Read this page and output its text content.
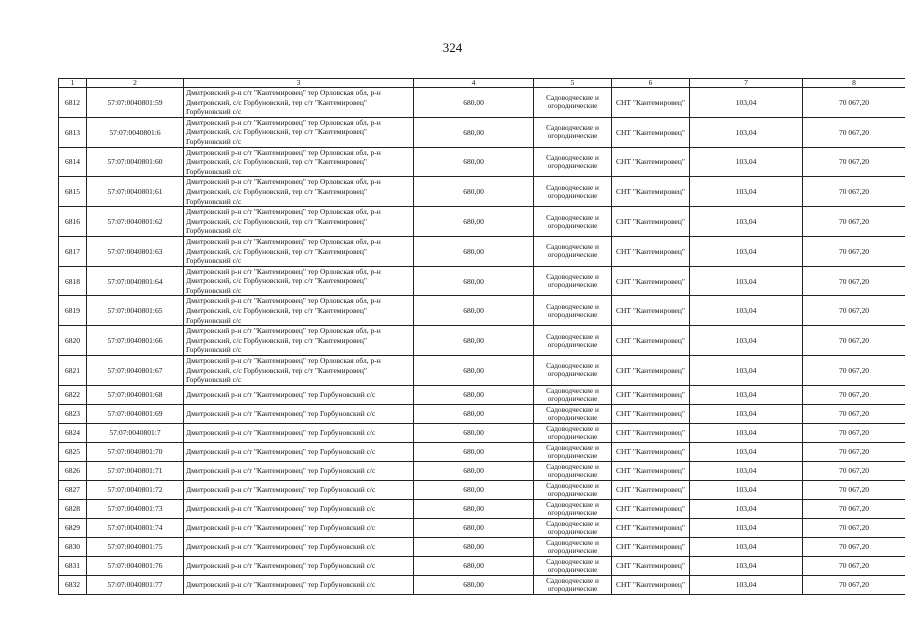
324
1	2	3	4	5	6	7	8
6812	57:07:0040801:59	Дмитровский р-н с/т "Кантемировец" тер Орловская обл, р-н Дмитровский, с/с Горбуновский, тер с/т "Кантемировец" Горбуновский с/с	680,00	Садоводческие и огороднические	СНТ "Кантемировец"	103,04	70 067,20
6813	57:07:0040801:6	Дмитровский р-н с/т "Кантемировец" тер Орловская обл, р-н Дмитровский, с/с Горбуновский, тер с/т "Кантемировец" Горбуновский с/с	680,00	Садоводческие и огороднические	СНТ "Кантемировец"	103,04	70 067,20
6814	57:07:0040801:60	Дмитровский р-н с/т "Кантемировец" тер Орловская обл, р-н Дмитровский, с/с Горбуновский, тер с/т "Кантемировец" Горбуновский с/с	680,00	Садоводческие и огороднические	СНТ "Кантемировец"	103,04	70 067,20
6815	57:07:0040801:61	Дмитровский р-н с/т "Кантемировец" тер Орловская обл, р-н Дмитровский, с/с Горбуновский, тер с/т "Кантемировец" Горбуновский с/с	680,00	Садоводческие и огороднические	СНТ "Кантемировец"	103,04	70 067,20
6816	57:07:0040801:62	Дмитровский р-н с/т "Кантемировец" тер Орловская обл, р-н Дмитровский, с/с Горбуновский, тер с/т "Кантемировец" Горбуновский с/с	680,00	Садоводческие и огороднические	СНТ "Кантемировец"	103,04	70 067,20
6817	57:07:0040801:63	Дмитровский р-н с/т "Кантемировец" тер Орловская обл, р-н Дмитровский, с/с Горбуновский, тер с/т "Кантемировец" Горбуновский с/с	680,00	Садоводческие и огороднические	СНТ "Кантемировец"	103,04	70 067,20
6818	57:07:0040801:64	Дмитровский р-н с/т "Кантемировец" тер Орловская обл, р-н Дмитровский, с/с Горбуновский, тер с/т "Кантемировец" Горбуновский с/с	680,00	Садоводческие и огороднические	СНТ "Кантемировец"	103,04	70 067,20
6819	57:07:0040801:65	Дмитровский р-н с/т "Кантемировец" тер Орловская обл, р-н Дмитровский, с/с Горбуновский, тер с/т "Кантемировец" Горбуновский с/с	680,00	Садоводческие и огороднические	СНТ "Кантемировец"	103,04	70 067,20
6820	57:07:0040801:66	Дмитровский р-н с/т "Кантемировец" тер Орловская обл, р-н Дмитровский, с/с Горбуновский, тер с/т "Кантемировец" Горбуновский с/с	680,00	Садоводческие и огороднические	СНТ "Кантемировец"	103,04	70 067,20
6821	57:07:0040801:67	Дмитровский р-н с/т "Кантемировец" тер Орловская обл, р-н Дмитровский, с/с Горбуновский, тер с/т "Кантемировец" Горбуновский с/с	680,00	Садоводческие и огороднические	СНТ "Кантемировец"	103,04	70 067,20
6822	57:07:0040801:68	Дмитровский р-н с/т "Кантемировец" тер Горбуновский с/с	680,00	Садоводческие и огороднические	СНТ "Кантемировец"	103,04	70 067,20
6823	57:07:0040801:69	Дмитровский р-н с/т "Кантемировец" тер Горбуновский с/с	680,00	Садоводческие и огороднические	СНТ "Кантемировец"	103,04	70 067,20
6824	57:07:0040801:7	Дмитровский р-н с/т "Кантемировец" тер Горбуновский с/с	680,00	Садоводческие и огороднические	СНТ "Кантемировец"	103,04	70 067,20
6825	57:07:0040801:70	Дмитровский р-н с/т "Кантемировец" тер Горбуновский с/с	680,00	Садоводческие и огороднические	СНТ "Кантемировец"	103,04	70 067,20
6826	57:07:0040801:71	Дмитровский р-н с/т "Кантемировец" тер Горбуновский с/с	680,00	Садоводческие и огороднические	СНТ "Кантемировец"	103,04	70 067,20
6827	57:07:0040801:72	Дмитровский р-н с/т "Кантемировец" тер Горбуновский с/с	680,00	Садоводческие и огороднические	СНТ "Кантемировец"	103,04	70 067,20
6828	57:07:0040801:73	Дмитровский р-н с/т "Кантемировец" тер Горбуновский с/с	680,00	Садоводческие и огороднические	СНТ "Кантемировец"	103,04	70 067,20
6829	57:07:0040801:74	Дмитровский р-н с/т "Кантемировец" тер Горбуновский с/с	680,00	Садоводческие и огороднические	СНТ "Кантемировец"	103,04	70 067,20
6830	57:07:0040801:75	Дмитровский р-н с/т "Кантемировец" тер Горбуновский с/с	680,00	Садоводческие и огороднические	СНТ "Кантемировец"	103,04	70 067,20
6831	57:07:0040801:76	Дмитровский р-н с/т "Кантемировец" тер Горбуновский с/с	680,00	Садоводческие и огороднические	СНТ "Кантемировец"	103,04	70 067,20
6832	57:07:0040801:77	Дмитровский р-н с/т "Кантемировец" тер Горбуновский с/с	680,00	Садоводческие и огороднические	СНТ "Кантемировец"	103,04	70 067,20
